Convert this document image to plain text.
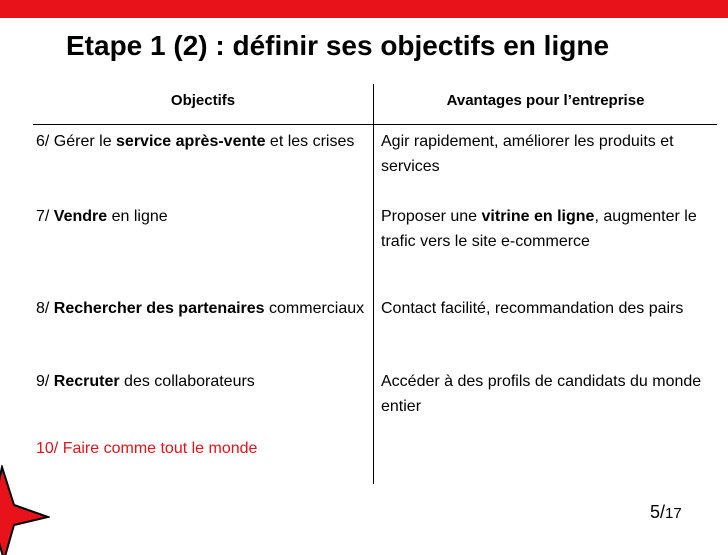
Etape 1 (2) : définir ses objectifs en ligne
Objectifs	Avantages pour l’entreprise
6/ Gérer le service après-vente et les crises	Agir rapidement, améliorer les produits et services
7/ Vendre en ligne	Proposer une vitrine en ligne, augmenter le trafic vers le site e-commerce
8/ Rechercher des partenaires commerciaux	Contact facilité, recommandation des pairs
9/ Recruter des collaborateurs	Accéder à des profils de candidats du monde entier
10/ Faire comme tout le monde
5/17
